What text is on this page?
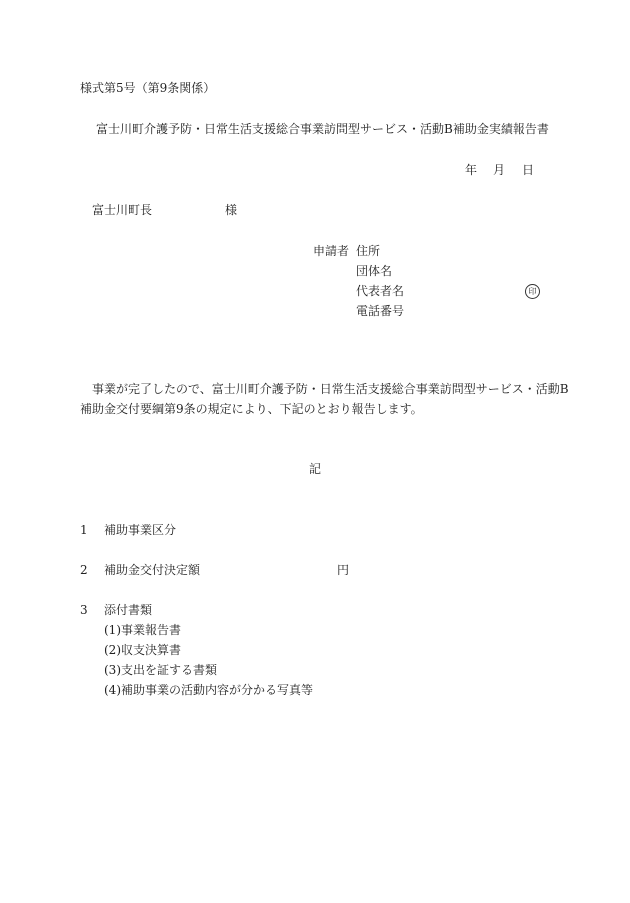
様式第5号（第9条関係）
富士川町介護予防・日常生活支援総合事業訪問型サービス・活動B補助金実績報告書
年 月 日
富士川町長	様
申請者 住所
団体名
代表者名	印
電話番号
事業が完了したので、富士川町介護予防・日常生活支援総合事業訪問型サービス・活動B
補助金交付要綱第9条の規定により、下記のとおり報告します。
記
1 補助事業区分
2 補助金交付決定額	円
3 添付書類
(1)事業報告書
(2)収支決算書
(3)支出を証する書類
(4)補助事業の活動内容が分かる写真等
